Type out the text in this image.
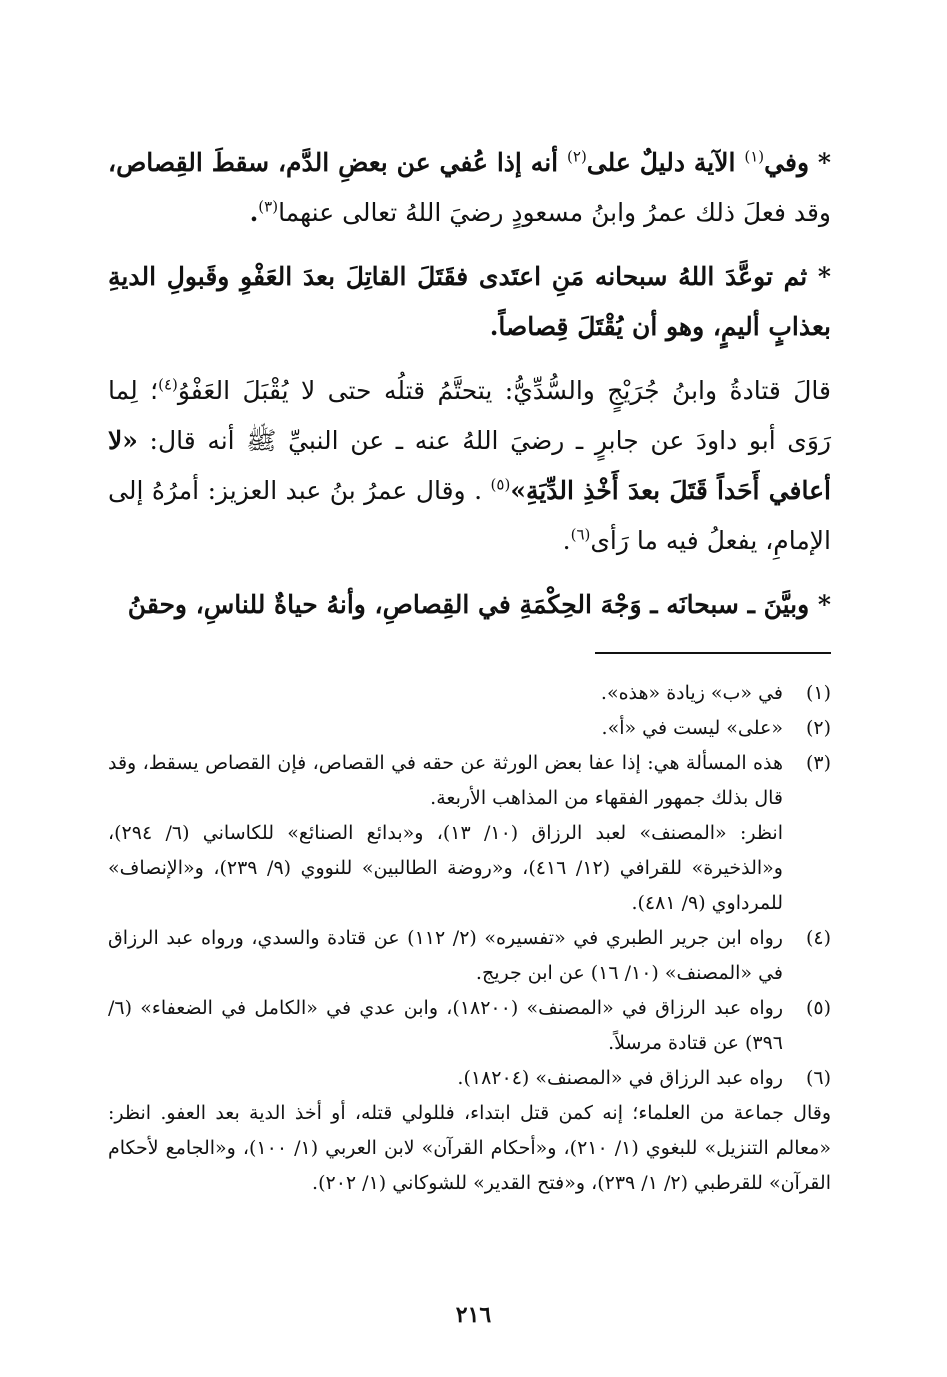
* وفي$^{(١)}$ الآية دليلٌ على$^{(٢)}$ أنه إذا عُفي عن بعضِ الدَّم، سقطَ القِصاص، وقد فعلَ ذلك عمرُ وابنُ مسعودٍ رضيَ اللهُ تعالى عنهما$^{(٣)}$.

* ثم توعَّدَ اللهُ سبحانه مَنِ اعتَدى فقَتَلَ القاتِلَ بعدَ العَفْوِ وقَبولِ الديةِ بعذابٍ أليمٍ، وهو أن يُقْتَلَ قِصاصاً.

قالَ قتادةُ وابنُ جُرَيْجٍ والسُّدِّيُّ: يتحتَّمُ قتلُه حتى لا يُقْبَلَ العَفْوُ$^{(٤)}$؛ لِما رَوَى أبو داودَ عن جابرٍ ـ رضيَ اللهُ عنه ـ عن النبيِّ ﷺ أنه قال: «لا أعافي أَحَداً قَتَلَ بعدَ أَخْذِ الدِّيَةِ»$^{(٥)}$ . وقال عمرُ بنُ عبد العزيز: أمرُهُ إلى الإمامِ، يفعلُ فيه ما رَأى$^{(٦)}$.

* وبيَّنَ ـ سبحانَه ـ وَجْهَ الحِكْمَةِ في القِصاصِ، وأنهُ حياةٌ للناسِ، وحقنُ

(١)
في «ب» زيادة «هذه».
(٢)
«على» ليست في «أ».
(٣)

هذه المسألة هي: إذا عفا بعض الورثة عن حقه في القصاص، فإن القصاص يسقط، وقد قال بذلك جمهور الفقهاء من المذاهب الأربعة.

انظر: «المصنف» لعبد الرزاق (١٠/ ١٣)، و«بدائع الصنائع» للكاساني (٦/ ٢٩٤)، و«الذخيرة» للقرافي (١٢/ ٤١٦)، و«روضة الطالبين» للنووي (٩/ ٢٣٩)، و«الإنصاف» للمرداوي (٩/ ٤٨١).

(٤)
رواه ابن جرير الطبري في «تفسيره» (٢/ ١١٢) عن قتادة والسدي، ورواه عبد الرزاق في «المصنف» (١٠/ ١٦) عن ابن جريج.
(٥)
رواه عبد الرزاق في «المصنف» (١٨٢٠٠)، وابن عدي في «الكامل في الضعفاء» (٦/ ٣٩٦) عن قتادة مرسلاً.
(٦)
رواه عبد الرزاق في «المصنف» (١٨٢٠٤).

وقال جماعة من العلماء؛ إنه كمن قتل ابتداء، فللولي قتله، أو أخذ الدية بعد العفو. انظر: «معالم التنزيل» للبغوي (١/ ٢١٠)، و«أحكام القرآن» لابن العربي (١/ ١٠٠)، و«الجامع لأحكام القرآن» للقرطبي (٢/ ١/ ٢٣٩)، و«فتح القدير» للشوكاني (١/ ٢٠٢).

٢١٦
